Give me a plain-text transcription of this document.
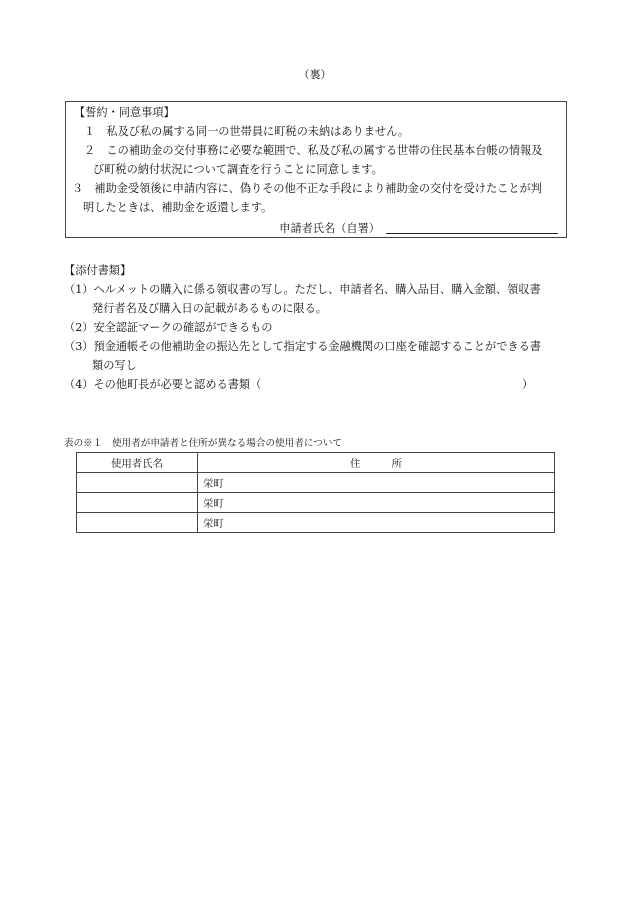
（裏）
【誓約・同意事項】
１　私及び私の属する同一の世帯員に町税の未納はありません。
２　この補助金の交付事務に必要な範囲で、私及び私の属する世帯の住民基本台帳の情報及
び町税の納付状況について調査を行うことに同意します。
３　補助金受領後に申請内容に、偽りその他不正な手段により補助金の交付を受けたことが判
明したときは、補助金を返還します。
申請者氏名（自署）
【添付書類】
（1）ヘルメットの購入に係る領収書の写し。ただし、申請者名、購入品目、購入金額、領収書
発行者名及び購入日の記載があるものに限る。
（2）安全認証マークの確認ができるもの
（3）預金通帳その他補助金の振込先として指定する金融機関の口座を確認することができる書
類の写し
（4）その他町長が必要と認める書類（	）
表の※１　使用者が申請者と住所が異なる場合の使用者について
使用者氏名	住　　　所
	栄町
	栄町
	栄町
